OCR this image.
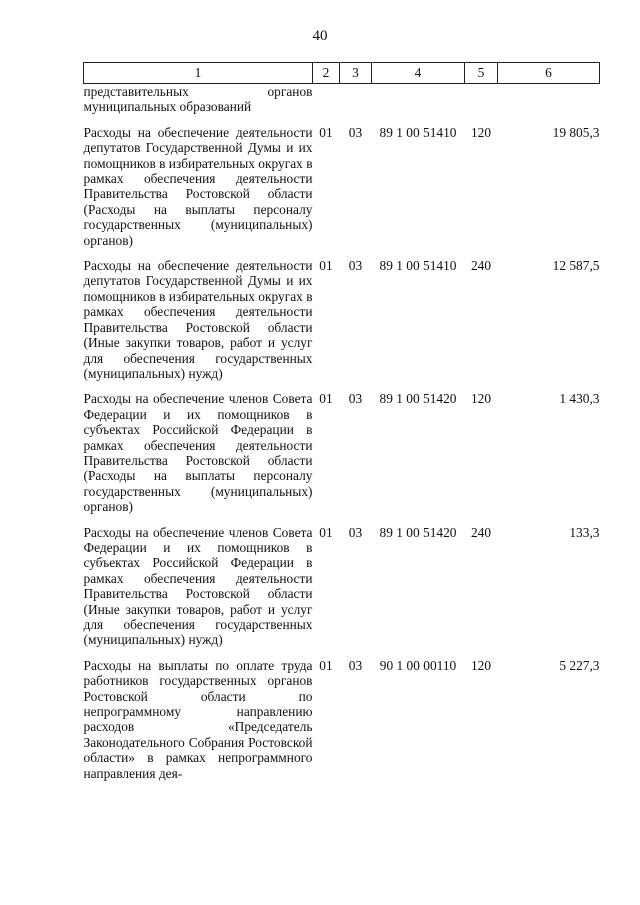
40
1	2	3	4	5	6
представительных органов муниципальных образований					

Расходы на обеспечение деятельности депутатов Государственной Думы и их помощников в избирательных округах в рамках обеспечения деятельности Правительства Ростовской области (Расходы на выплаты персоналу государственных (муниципальных) органов)	01	03	89 1 00 51410	120	19 805,3

Расходы на обеспечение деятельности депутатов Государственной Думы и их помощников в избирательных округах в рамках обеспечения деятельности Правительства Ростовской области (Иные закупки товаров, работ и услуг для обеспечения государственных (муниципальных) нужд)	01	03	89 1 00 51410	240	12 587,5

Расходы на обеспечение членов Совета Федерации и их помощников в субъектах Российской Федерации в рамках обеспечения деятельности Правительства Ростовской области (Расходы на выплаты персоналу государственных (муниципальных) органов)	01	03	89 1 00 51420	120	1 430,3

Расходы на обеспечение членов Совета Федерации и их помощников в субъектах Российской Федерации в рамках обеспечения деятельности Правительства Ростовской области (Иные закупки товаров, работ и услуг для обеспечения государственных (муниципальных) нужд)	01	03	89 1 00 51420	240	133,3

Расходы на выплаты по оплате труда работников государственных органов Ростовской области по непрограммному направлению расходов «Председатель Законодательного Собрания Ростовской области» в рамках непрограммного направления дея-	01	03	90 1 00 00110	120	5 227,3
